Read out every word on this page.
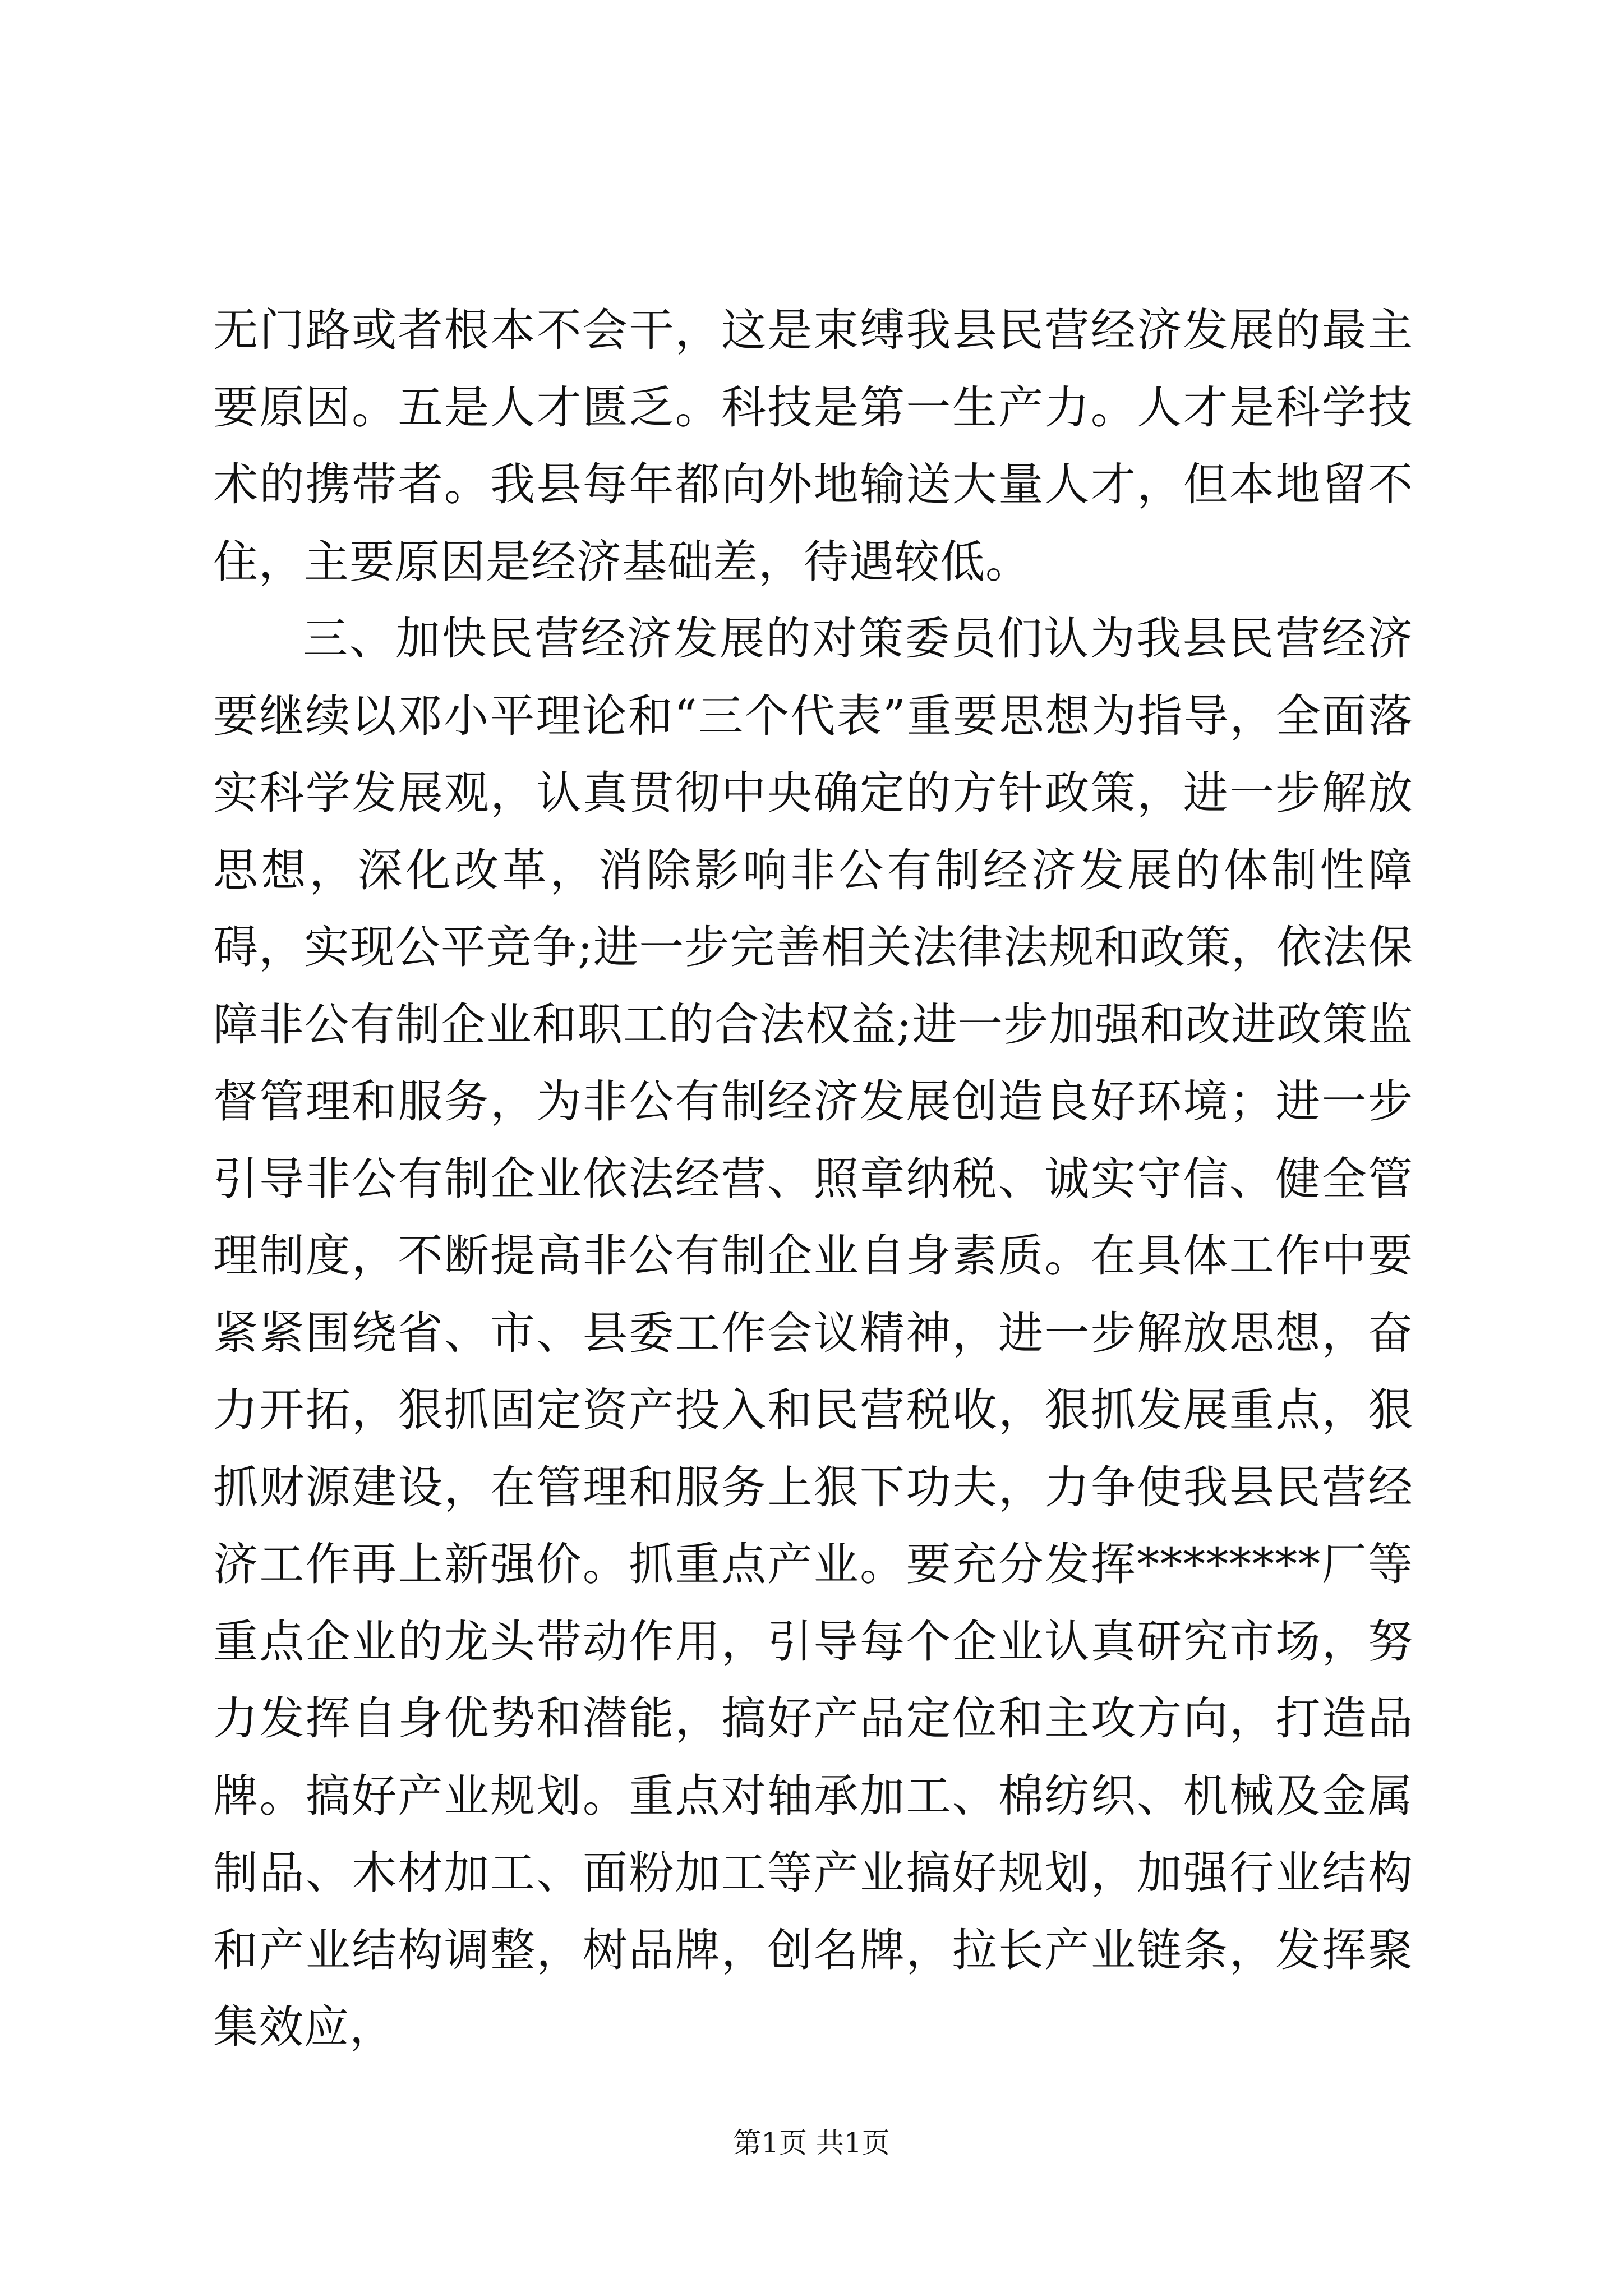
无门路或者根本不会干，这是束缚我县民营经济发展的最主要原因。五是人才匮乏。科技是第一生产力。人才是科学技术的携带者。我县每年都向外地输送大量人才，但本地留不住，主要原因是经济基础差，待遇较低。

三、加快民营经济发展的对策委员们认为我县民营经济要继续以邓小平理论和“三个代表”重要思想为指导，全面落实科学发展观，认真贯彻中央确定的方针政策，进一步解放思想，深化改革，消除影响非公有制经济发展的体制性障碍，实现公平竞争;进一步完善相关法律法规和政策，依法保障非公有制企业和职工的合法权益;进一步加强和改进政策监督管理和服务，为非公有制经济发展创造良好环境；进一步引导非公有制企业依法经营、照章纳税、诚实守信、健全管理制度，不断提高非公有制企业自身素质。在具体工作中要紧紧围绕省、市、县委工作会议精神，进一步解放思想，奋力开拓，狠抓固定资产投入和民营税收，狠抓发展重点，狠抓财源建设，在管理和服务上狠下功夫，力争使我县民营经济工作再上新强价。抓重点产业。要充分发挥********厂等重点企业的龙头带动作用，引导每个企业认真研究市场，努力发挥自身优势和潜能，搞好产品定位和主攻方向，打造品牌。搞好产业规划。重点对轴承加工、棉纺织、机械及金属制品、木材加工、面粉加工等产业搞好规划，加强行业结构和产业结构调整，树品牌，创名牌，拉长产业链条，发挥聚集效应，

第1页 共1页
